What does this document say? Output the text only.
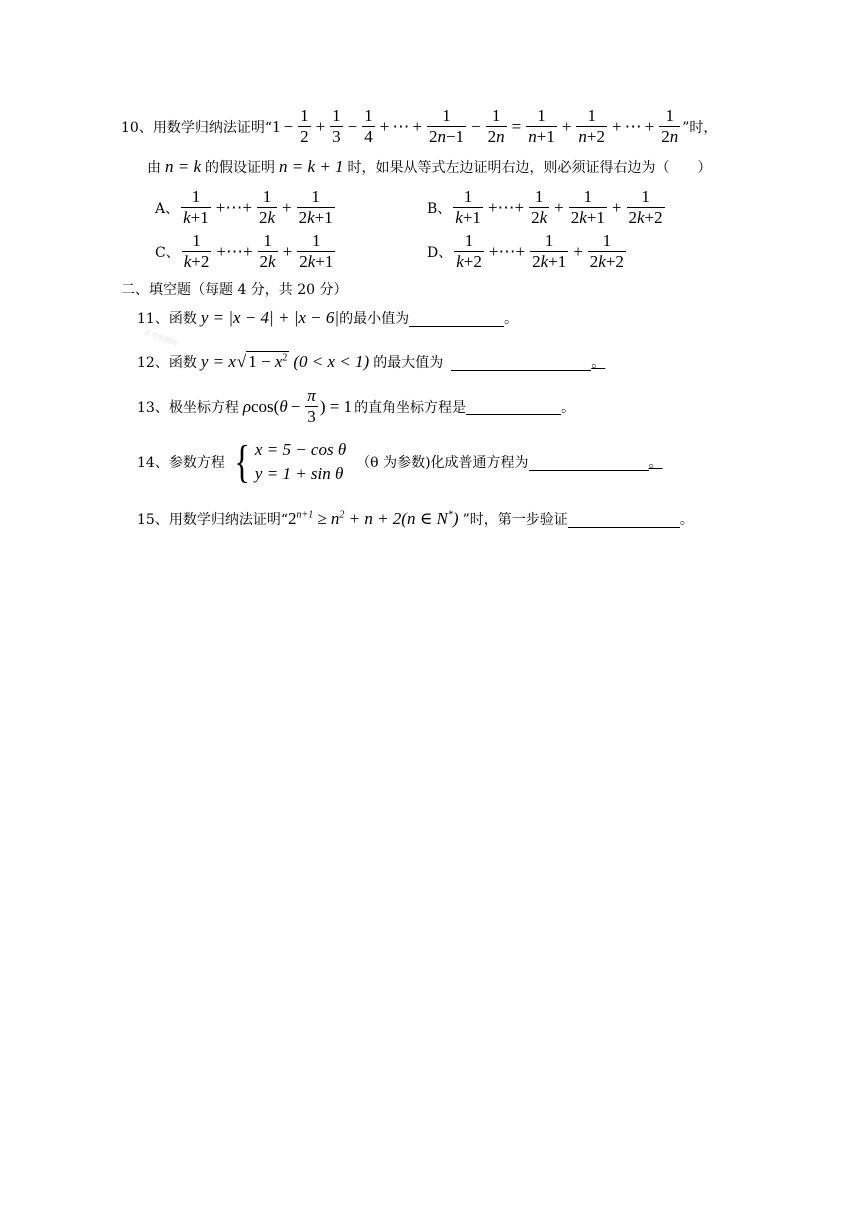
10、用数学归纳法证明“ $1 - \frac{1}{2} + \frac{1}{3} - \frac{1}{4}$ + ⋯ + $\frac{1}{2n-1} - \frac{1}{2n} = \frac{1}{n+1} + \frac{1}{n+2}$ + ⋯ + $\frac{1}{2n}$ ”时，
由 n = k 的假设证明 n = k + 1 时，如果从等式左边证明右边，则必须证得右边为（　　）
A、 $\frac{1}{k+1}$ +⋯+ $\frac{1}{2k} + \frac{1}{2k+1}$	B、 $\frac{1}{k+1}$ +⋯+ $\frac{1}{2k} + \frac{1}{2k+1} + \frac{1}{2k+2}$
C、 $\frac{1}{k+2}$ +⋯+ $\frac{1}{2k} + \frac{1}{2k+1}$	D、 $\frac{1}{k+2}$ +⋯+ $\frac{1}{2k+1} + \frac{1}{2k+2}$
二、填空题（每题 4 分，共 20 分）
高考资源网
11、函数 y = |x − 4| + |x − 6| 的最小值为	。
12、函数 y = x √ $1 - x^2$ (0 < x < 1) 的最大值为	。
13、极坐标方程 ρ cos( $\theta - \frac{\pi}{3}$ ) = 1 的直角坐标方程是	。
14、参数方程 { x = 5 − cos θ
y = 1 + sin θ
（θ 为参数)化成普通方程为	。
15、用数学归纳法证明“ $2^{n+1} \ge n^2 + n + 2(n$ ∈ N*) ”时，第一步验证	。
